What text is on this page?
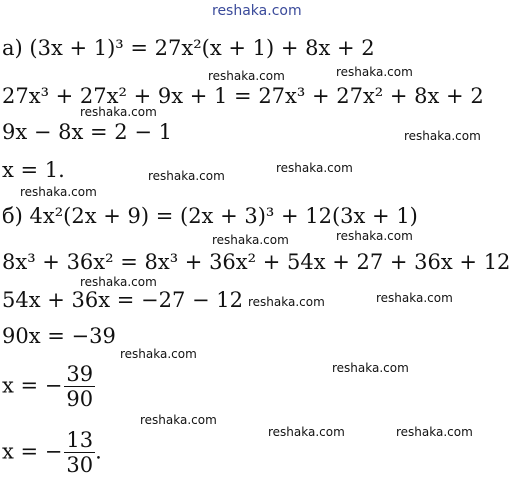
reshaka.com
reshaka.com	reshaka.com
reshaka.com
reshaka.com
reshaka.com
reshaka.com
reshaka.com
reshaka.com	reshaka.com
reshaka.com
reshaka.com	reshaka.com
reshaka.com
reshaka.com
reshaka.com
reshaka.com	reshaka.com
а) (3x + 1)³ = 27x²(x + 1) + 8x + 2
27x³ + 27x² + 9x + 1 = 27x³ + 27x² + 8x + 2
9x − 8x = 2 − 1
x = 1.
б) 4x²(2x + 9) = (2x + 3)³ + 12(3x + 1)
8x³ + 36x² = 8x³ + 36x² + 54x + 27 + 36x + 12
54x + 36x = −27 − 12
90x = −39
x = − $\frac{39}{90}$
x = − $\frac{13}{30}$ .
